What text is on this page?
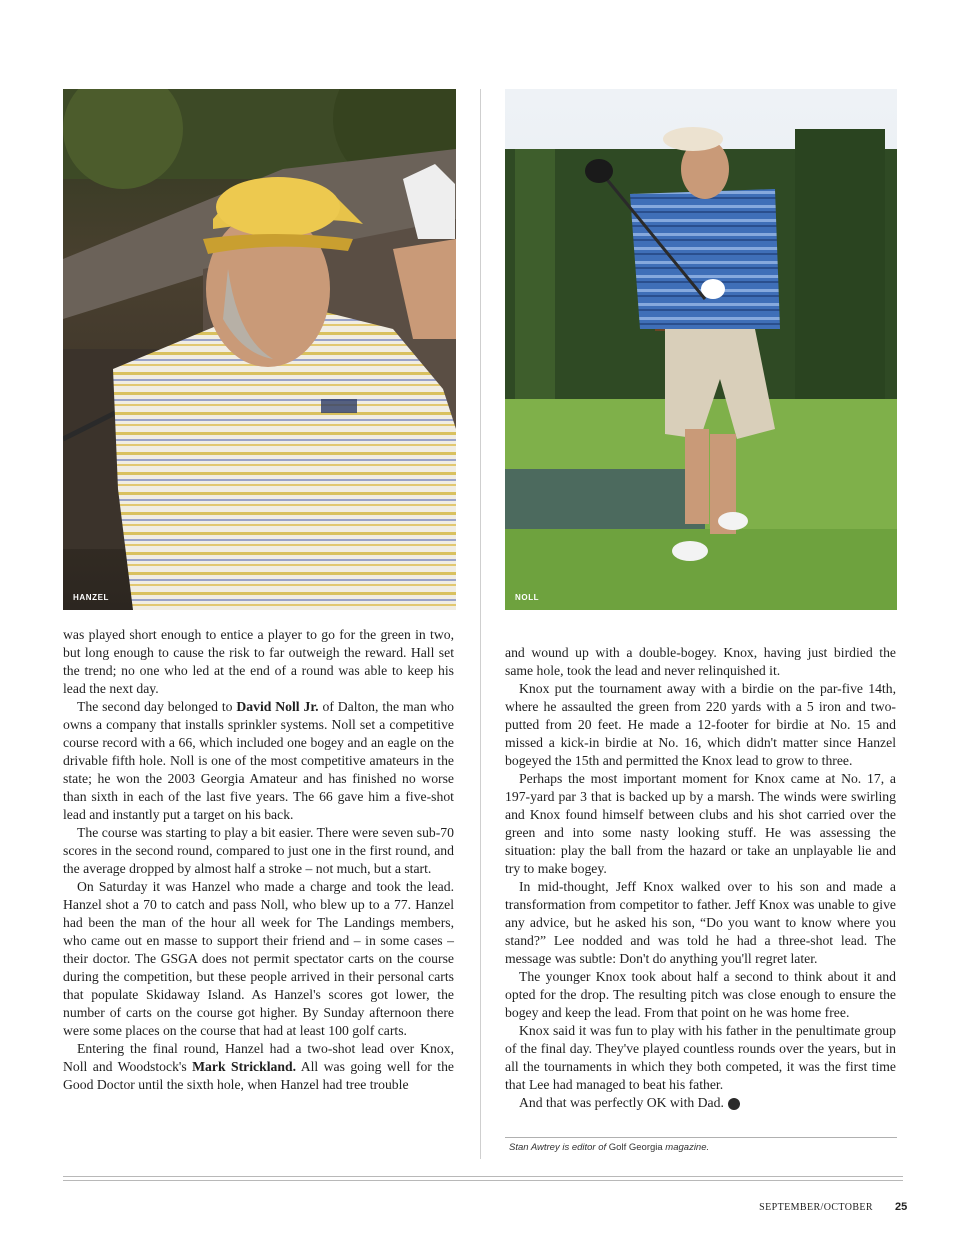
HANZEL	NOLL

was played short enough to entice a player to go for the green in two, but long enough to cause the risk to far outweigh the reward. Hall set the trend; no one who led at the end of a round was able to keep his lead the next day.

The second day belonged to David Noll Jr. of Dalton, the man who owns a company that installs sprinkler systems. Noll set a competitive course record with a 66, which included one bogey and an eagle on the drivable fifth hole. Noll is one of the most competitive amateurs in the state; he won the 2003 Georgia Amateur and has finished no worse than sixth in each of the last five years. The 66 gave him a five-shot lead and instantly put a target on his back.

The course was starting to play a bit easier. There were seven sub-70 scores in the second round, compared to just one in the first round, and the average dropped by almost half a stroke – not much, but a start.

On Saturday it was Hanzel who made a charge and took the lead. Hanzel shot a 70 to catch and pass Noll, who blew up to a 77. Hanzel had been the man of the hour all week for The Landings members, who came out en masse to support their friend and – in some cases – their doctor. The GSGA does not permit spectator carts on the course during the competition, but these people arrived in their personal carts that populate Skidaway Island. As Hanzel's scores got lower, the number of carts on the course got higher. By Sunday afternoon there were some places on the course that had at least 100 golf carts.

Entering the final round, Hanzel had a two-shot lead over Knox, Noll and Woodstock's Mark Strickland. All was going well for the Good Doctor until the sixth hole, when Hanzel had tree trouble

and wound up with a double-bogey. Knox, having just birdied the same hole, took the lead and never relinquished it.

Knox put the tournament away with a birdie on the par-five 14th, where he assaulted the green from 220 yards with a 5 iron and two-putted from 20 feet. He made a 12-footer for birdie at No. 15 and missed a kick-in birdie at No. 16, which didn't matter since Hanzel bogeyed the 15th and permitted the Knox lead to grow to three.

Perhaps the most important moment for Knox came at No. 17, a 197-yard par 3 that is backed up by a marsh. The winds were swirling and Knox found himself between clubs and his shot carried over the green and into some nasty looking stuff. He was assessing the situation: play the ball from the hazard or take an unplayable lie and try to make bogey.

In mid-thought, Jeff Knox walked over to his son and made a transformation from competitor to father. Jeff Knox was unable to give any advice, but he asked his son, “Do you want to know where you stand?” Lee nodded and was told he had a three-shot lead. The message was subtle: Don't do anything you'll regret later.

The younger Knox took about half a second to think about it and opted for the drop. The resulting pitch was close enough to ensure the bogey and keep the lead. From that point on he was home free.

Knox said it was fun to play with his father in the penultimate group of the final day. They've played countless rounds over the years, but in all the tournaments in which they both competed, it was the first time that Lee had managed to beat his father.

And that was perfectly OK with Dad.	GG

Stan Awtrey is editor of Golf Georgia magazine.
SEPTEMBER/OCTOBER 25
